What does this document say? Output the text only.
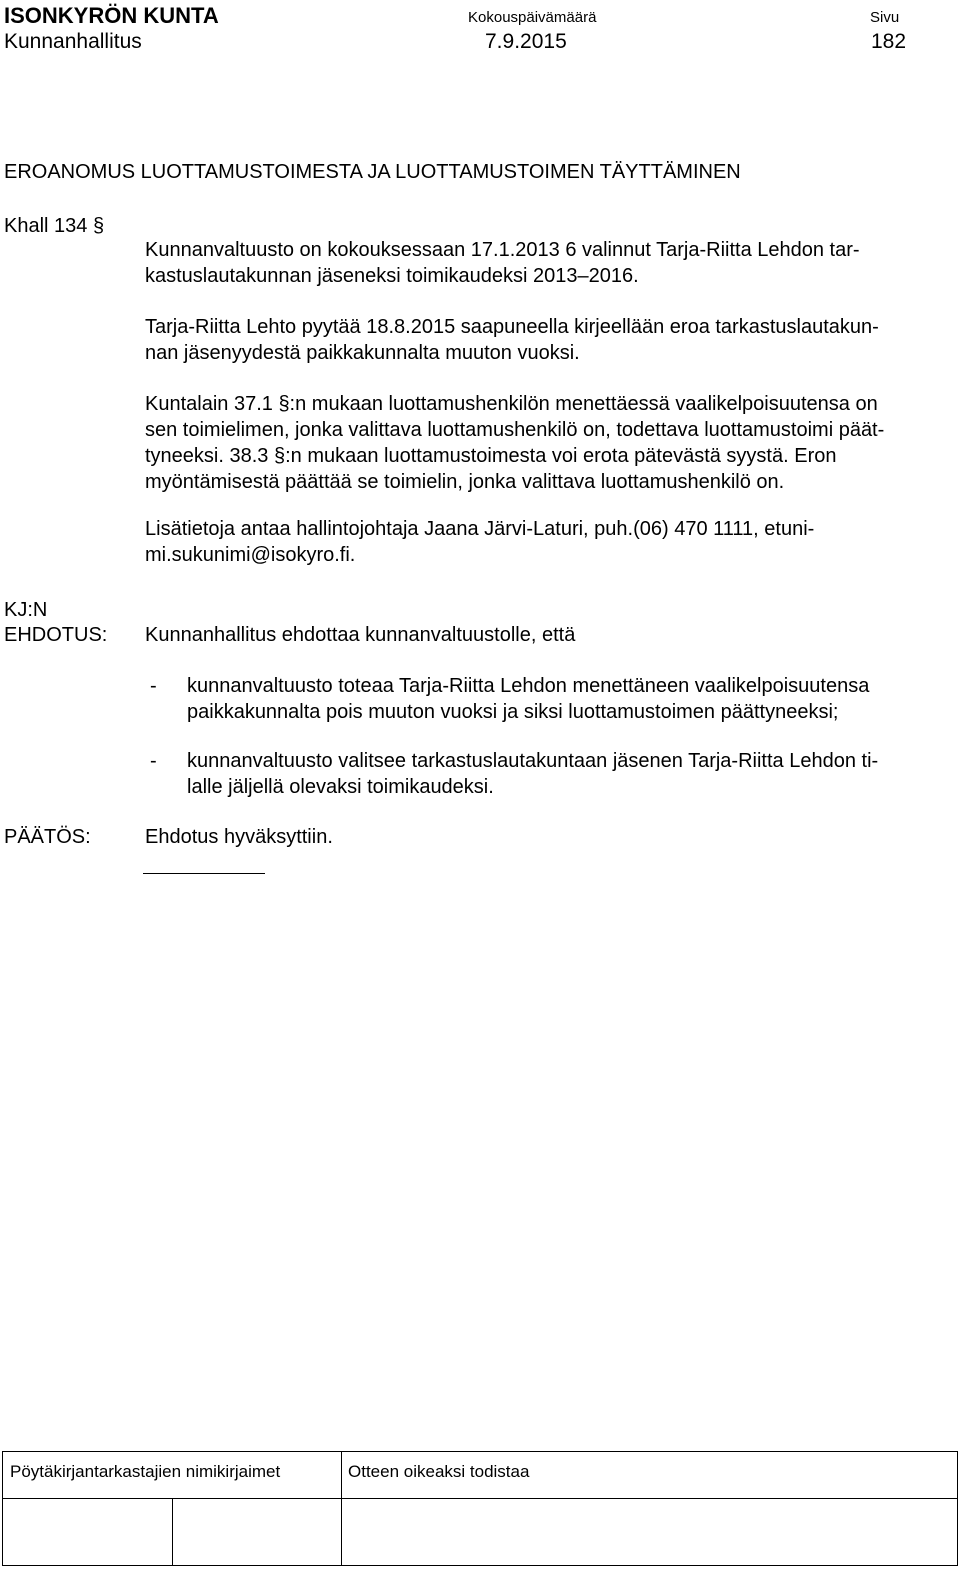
ISONKYRÖN KUNTA
Kunnanhallitus
Kokouspäivämäärä
7.9.2015
Sivu
182
EROANOMUS LUOTTAMUSTOIMESTA JA LUOTTAMUSTOIMEN TÄYTTÄMINEN
Khall 134 §
Kunnanvaltuusto on kokouksessaan 17.1.2013 6 valinnut Tarja-Riitta Lehdon tar-
kastuslautakunnan jäseneksi toimikaudeksi 2013–2016.
Tarja-Riitta Lehto pyytää 18.8.2015 saapuneella kirjeellään eroa tarkastuslautakun-
nan jäsenyydestä paikkakunnalta muuton vuoksi.
Kuntalain 37.1 §:n mukaan luottamushenkilön menettäessä vaalikelpoisuutensa on
sen toimielimen, jonka valittava luottamushenkilö on, todettava luottamustoimi päät-
tyneeksi. 38.3 §:n mukaan luottamustoimesta voi erota pätevästä syystä. Eron
myöntämisestä päättää se toimielin, jonka valittava luottamushenkilö on.
Lisätietoja antaa hallintojohtaja Jaana Järvi-Laturi, puh.(06) 470 1111, etuni-
mi.sukunimi@isokyro.fi.
KJ:N
EHDOTUS: Kunnanhallitus ehdottaa kunnanvaltuustolle, että
- kunnanvaltuusto toteaa Tarja-Riitta Lehdon menettäneen vaalikelpoisuutensa
paikkakunnalta pois muuton vuoksi ja siksi luottamustoimen päättyneeksi;
- kunnanvaltuusto valitsee tarkastuslautakuntaan jäsenen Tarja-Riitta Lehdon ti-
lalle jäljellä olevaksi toimikaudeksi.
PÄÄTÖS:	Ehdotus hyväksyttiin.
Pöytäkirjantarkastajien nimikirjaimet	Otteen oikeaksi todistaa
